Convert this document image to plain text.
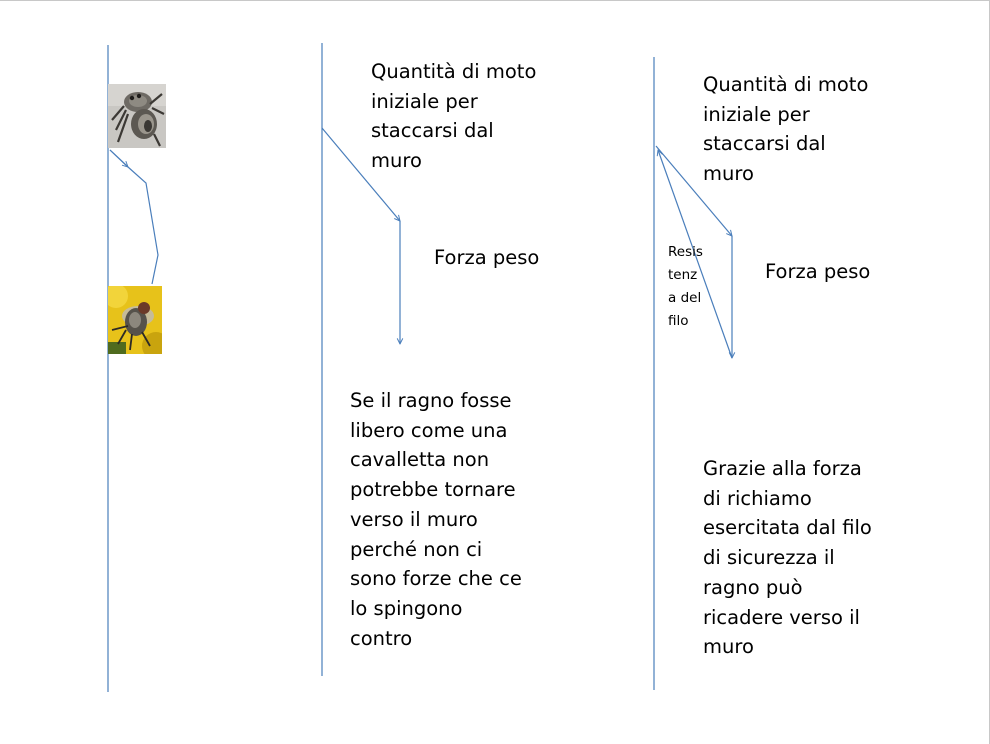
Quantità di moto
iniziale per
staccarsi dal
muro

Forza peso

Se il ragno fosse
libero come una
cavalletta non
potrebbe tornare
verso il muro
perché non ci
sono forze che ce
lo spingono
contro

Quantità di moto
iniziale per
staccarsi dal
muro

Resis
tenz
a del
filo

Forza peso

Grazie alla forza
di richiamo
esercitata dal filo
di sicurezza il
ragno può
ricadere verso il
muro
